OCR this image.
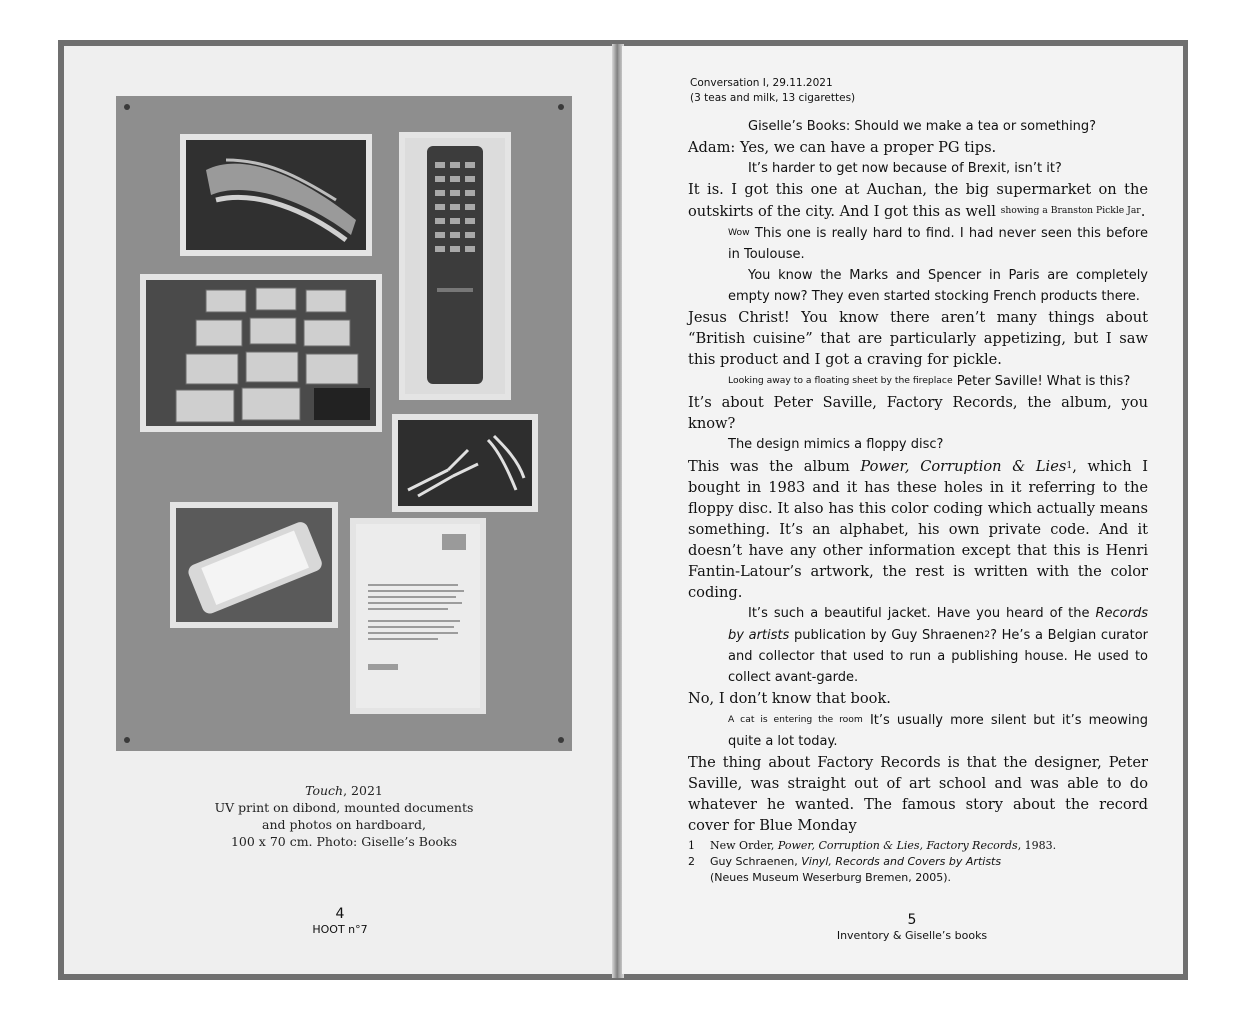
Touch, 2021
UV print on dibond, mounted documents
and photos on hardboard,
100 x 70 cm. Photo: Giselle’s Books
4
HOOT n°7
Conversation I, 29.11.2021
(3 teas and milk, 13 cigarettes)

Giselle’s Books: Should we make a tea or something?

Adam: Yes, we can have a proper PG tips.

It’s harder to get now because of Brexit, isn’t it?

It is. I got this one at Auchan, the big supermarket on the outskirts of the city. And I got this as well $^{showing a Branston Pickle Jar}$.

Wow This one is really hard to find. I had never seen this before in Toulouse.

You know the Marks and Spencer in Paris are completely empty now? They even started stocking French products there.

Jesus Christ! You know there aren’t many things about “British cuisine” that are particularly appetizing, but I saw this product and I got a craving for pickle.

Looking away to a floating sheet by the fireplace Peter Saville! What is this?

It’s about Peter Saville, Factory Records, the album, you know?

The design mimics a floppy disc?

This was the album Power, Corruption & Lies$^1$, which I bought in 1983 and it has these holes in it referring to the floppy disc. It also has this color coding which actually means something. It’s an alphabet, his own private code. And it doesn’t have any other information except that this is Henri Fantin-Latour’s artwork, the rest is written with the color coding.

It’s such a beautiful jacket. Have you heard of the Records by artists publication by Guy Shraenen$^2$? He’s a Belgian curator and collector that used to run a publishing house. He used to collect avant-garde.

No, I don’t know that book.

A cat is entering the room It’s usually more silent but it’s meowing quite a lot today.

The thing about Factory Records is that the designer, Peter Saville, was straight out of art school and was able to do whatever he wanted. The famous story about the record cover for Blue Monday

1 New Order, Power, Corruption & Lies, Factory Records, 1983.
2 Guy Schraenen, Vinyl, Records and Covers by Artists
(Neues Museum Weserburg Bremen, 2005).
5
Inventory & Giselle’s books
